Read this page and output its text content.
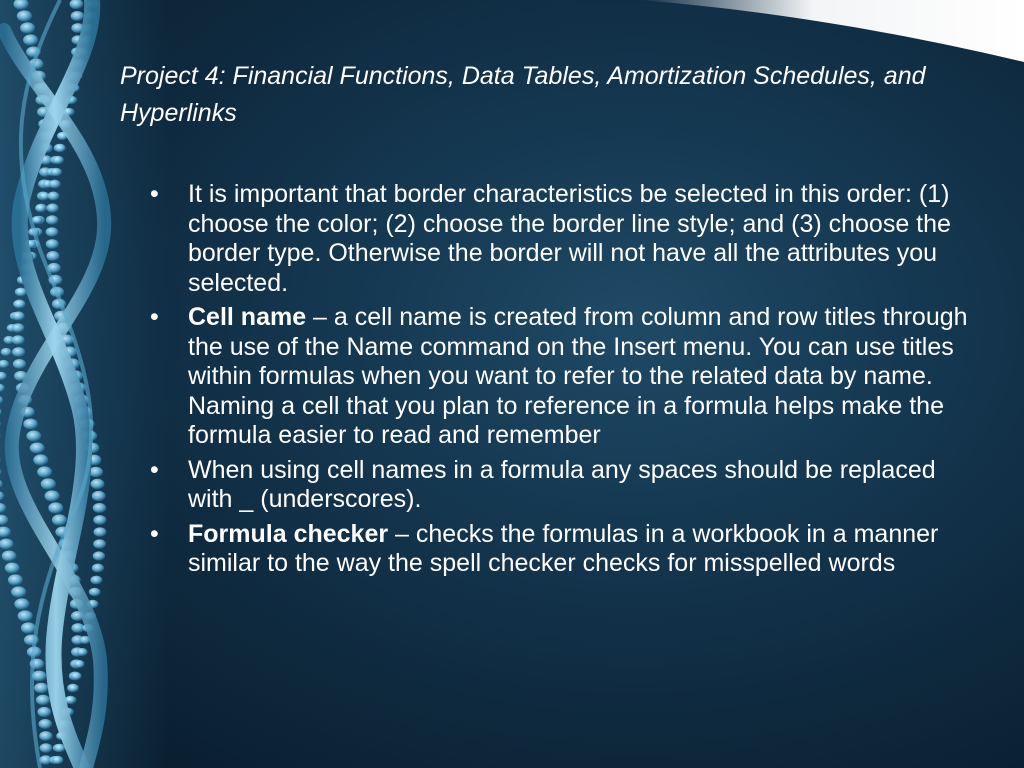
Project 4: Financial Functions, Data Tables, Amortization Schedules, and Hyperlinks
• It is important that border characteristics be selected in this order: (1) choose the color; (2) choose the border line style; and (3) choose the border type. Otherwise the border will not have all the attributes you selected.
• Cell name – a cell name is created from column and row titles through the use of the Name command on the Insert menu. You can use titles within formulas when you want to refer to the related data by name. Naming a cell that you plan to reference in a formula helps make the formula easier to read and remember
• When using cell names in a formula any spaces should be replaced with _ (underscores).
• Formula checker – checks the formulas in a workbook in a manner similar to the way the spell checker checks for misspelled words
